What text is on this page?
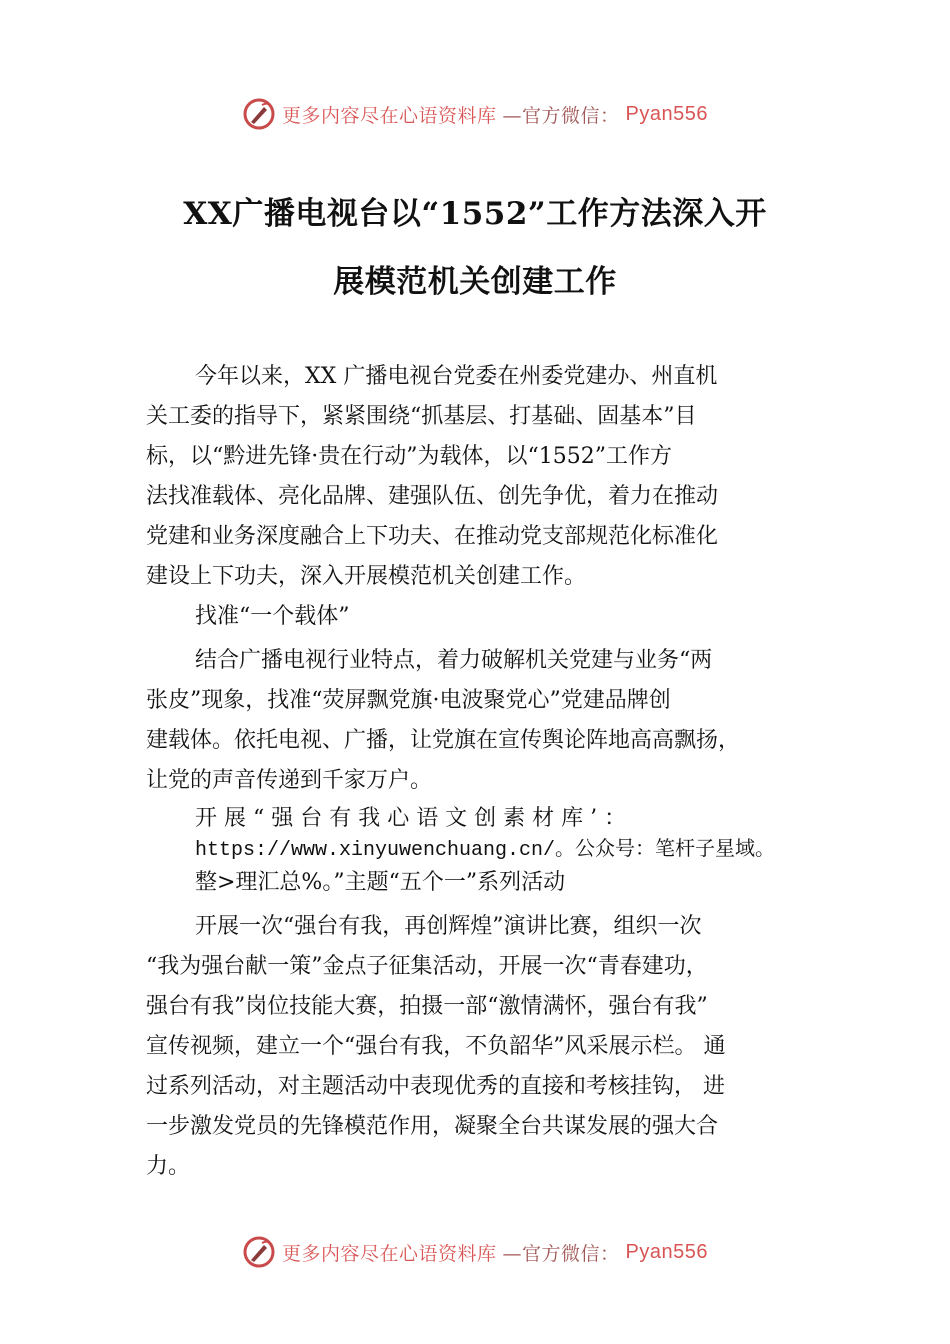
更多内容尽在心语资料库 —官方微信： Pyan556
XX广播电视台以“1552”工作方法深入开
展模范机关创建工作
今年以来，XX 广播电视台党委在州委党建办、州直机
关工委的指导下，紧紧围绕“抓基层、打基础、固基本”目
标，以“黔进先锋·贵在行动”为载体，以“1552”工作方
法找准载体、亮化品牌、建强队伍、创先争优，着力在推动
党建和业务深度融合上下功夫、在推动党支部规范化标准化
建设上下功夫，深入开展模范机关创建工作。
找准“一个载体”
结合广播电视行业特点，着力破解机关党建与业务“两
张皮”现象，找准“荧屏飘党旗·电波聚党心”党建品牌创
建载体。依托电视、广播，让党旗在宣传舆论阵地高高飘扬，
让党的声音传递到千家万户。
开 展 “ 强 台 有 我 心 语 文 创 素 材 库 ’ ：
https://www.xinyuwenchuang.cn/。公众号：笔杆子星域。
整>理汇总%。”主题“五个一”系列活动
开展一次“强台有我，再创辉煌”演讲比赛，组织一次
“我为强台献一策”金点子征集活动，开展一次“青春建功，
强台有我”岗位技能大赛，拍摄一部“激情满怀，强台有我”
宣传视频，建立一个“强台有我，不负韶华”风采展示栏。 通
过系列活动，对主题活动中表现优秀的直接和考核挂钩， 进
一步激发党员的先锋模范作用，凝聚全台共谋发展的强大合
力。
更多内容尽在心语资料库 —官方微信： Pyan556
